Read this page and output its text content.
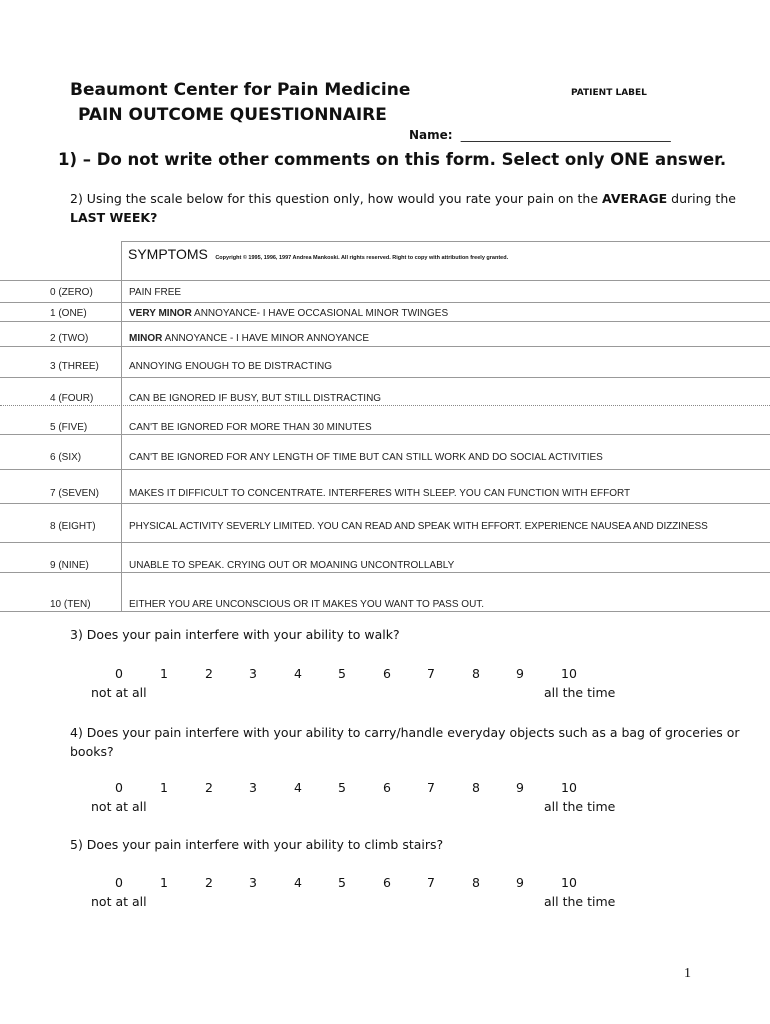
Beaumont Center for Pain Medicine	PATIENT LABEL
PAIN OUTCOME QUESTIONNAIRE
Name: ___________________________________
1) – Do not write other comments on this form. Select only ONE answer.
2) Using the scale below for this question only, how would you rate your pain on the AVERAGE during the
LAST WEEK?
SYMPTOMS Copyright © 1995, 1996, 1997 Andrea Mankoski. All rights reserved. Right to copy with attribution freely granted.
0 (ZERO)	PAIN FREE
1 (ONE)	VERY MINOR ANNOYANCE- I HAVE OCCASIONAL MINOR TWINGES
2 (TWO)	MINOR ANNOYANCE - I HAVE MINOR ANNOYANCE
3 (THREE)	ANNOYING ENOUGH TO BE DISTRACTING
4 (FOUR)	CAN BE IGNORED IF BUSY, BUT STILL DISTRACTING
5 (FIVE)	CAN'T BE IGNORED FOR MORE THAN 30 MINUTES
6 (SIX)	CAN'T BE IGNORED FOR ANY LENGTH OF TIME BUT CAN STILL WORK AND DO SOCIAL ACTIVITIES
7 (SEVEN)	MAKES IT DIFFICULT TO CONCENTRATE. INTERFERES WITH SLEEP. YOU CAN FUNCTION WITH EFFORT
8 (EIGHT)	PHYSICAL ACTIVITY SEVERLY LIMITED. YOU CAN READ AND SPEAK WITH EFFORT. EXPERIENCE NAUSEA AND DIZZINESS
9 (NINE)	UNABLE TO SPEAK. CRYING OUT OR MOANING UNCONTROLLABLY
10 (TEN)	EITHER YOU ARE UNCONSCIOUS OR IT MAKES YOU WANT TO PASS OUT.
3) Does your pain interfere with your ability to walk?
0	1	2	3	4	5	6	7	8	9	10
not at all	all the time
4) Does your pain interfere with your ability to carry/handle everyday objects such as a bag of groceries or
books?
0	1	2	3	4	5	6	7	8	9	10
not at all	all the time
5) Does your pain interfere with your ability to climb stairs?
0	1	2	3	4	5	6	7	8	9	10
not at all	all the time
1
